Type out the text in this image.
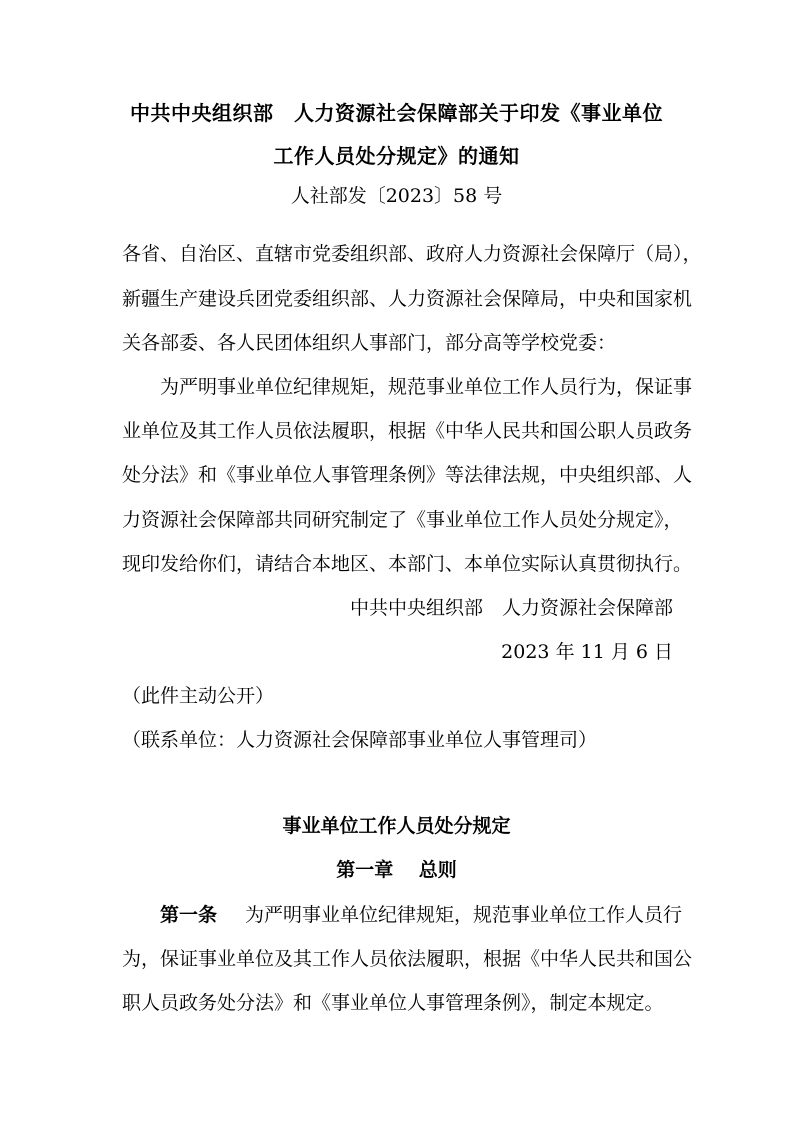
中共中央组织部　人力资源社会保障部关于印发《事业单位
工作人员处分规定》的通知
人社部发〔2023〕58 号
各省、自治区、直辖市党委组织部、政府人力资源社会保障厅（局），
新疆生产建设兵团党委组织部、人力资源社会保障局，中央和国家机
关各部委、各人民团体组织人事部门，部分高等学校党委：
为严明事业单位纪律规矩，规范事业单位工作人员行为，保证事
业单位及其工作人员依法履职，根据《中华人民共和国公职人员政务
处分法》和《事业单位人事管理条例》等法律法规，中央组织部、人
力资源社会保障部共同研究制定了《事业单位工作人员处分规定》，
现印发给你们，请结合本地区、本部门、本单位实际认真贯彻执行。
中共中央组织部　人力资源社会保障部
2023 年 11 月 6 日
（此件主动公开）
（联系单位：人力资源社会保障部事业单位人事管理司）
事业单位工作人员处分规定
第一章　 总则
第一条 为严明事业单位纪律规矩，规范事业单位工作人员行
为，保证事业单位及其工作人员依法履职，根据《中华人民共和国公
职人员政务处分法》和《事业单位人事管理条例》，制定本规定。
